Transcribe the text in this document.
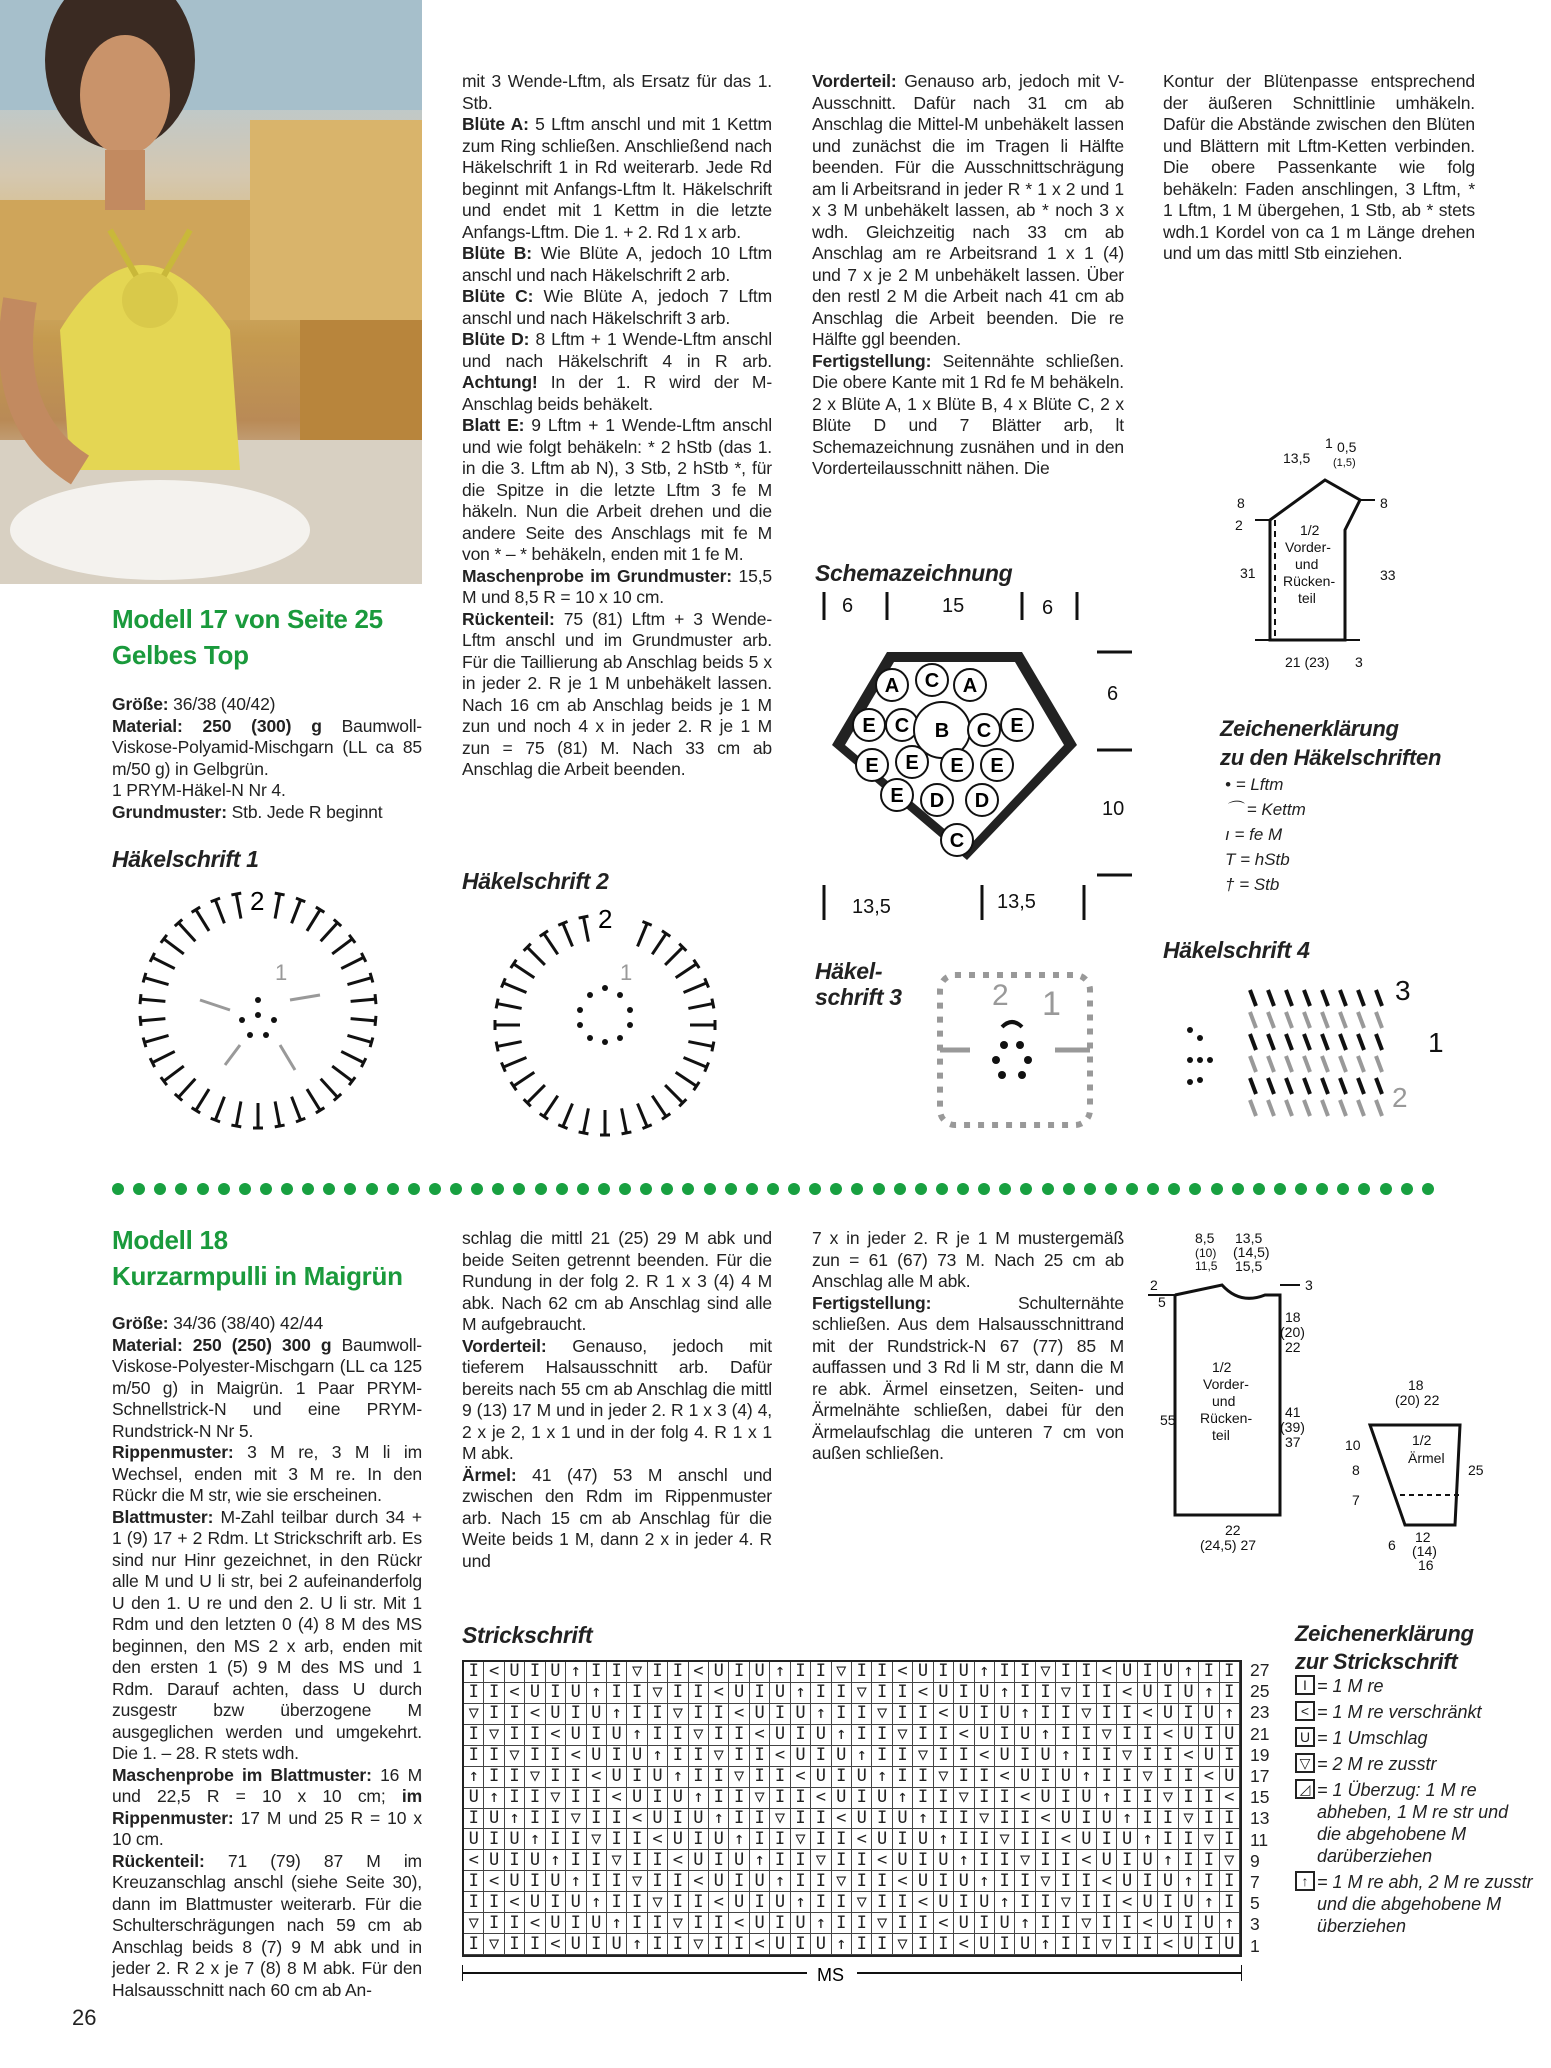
Modell 17 von Seite 25
Gelbes Top
Größe: 36/38 (40/42)
Material: 250 (300) g Baumwoll-Viskose-Polyamid-Mischgarn (LL ca 85 m/50 g) in Gelbgrün.
1 PRYM-Häkel-N Nr 4.
Grundmuster: Stb. Jede R beginnt
mit 3 Wende-Lftm, als Ersatz für das 1. Stb.
Blüte A: 5 Lftm anschl und mit 1 Kettm zum Ring schließen. Anschließend nach Häkelschrift 1 in Rd weiterarb. Jede Rd beginnt mit Anfangs-Lftm lt. Häkelschrift und endet mit 1 Kettm in die letzte Anfangs-Lftm. Die 1. + 2. Rd 1 x arb.
Blüte B: Wie Blüte A, jedoch 10 Lftm anschl und nach Häkelschrift 2 arb.
Blüte C: Wie Blüte A, jedoch 7 Lftm anschl und nach Häkelschrift 3 arb.
Blüte D: 8 Lftm + 1 Wende-Lftm anschl und nach Häkelschrift 4 in R arb. Achtung! In der 1. R wird der M-Anschlag beids behäkelt.
Blatt E: 9 Lftm + 1 Wende-Lftm anschl und wie folgt behäkeln: * 2 hStb (das 1. in die 3. Lftm ab N), 3 Stb, 2 hStb *, für die Spitze in die letzte Lftm 3 fe M häkeln. Nun die Arbeit drehen und die andere Seite des Anschlags mit fe M von * – * behäkeln, enden mit 1 fe M.
Maschenprobe im Grundmuster: 15,5 M und 8,5 R = 10 x 10 cm.
Rückenteil: 75 (81) Lftm + 3 Wende-Lftm anschl und im Grundmuster arb. Für die Taillierung ab Anschlag beids 5 x in jeder 2. R je 1 M unbehäkelt lassen. Nach 16 cm ab Anschlag beids je 1 M zun und noch 4 x in jeder 2. R je 1 M zun = 75 (81) M. Nach 33 cm ab Anschlag die Arbeit beenden.
Vorderteil: Genauso arb, jedoch mit V-Ausschnitt. Dafür nach 31 cm ab Anschlag die Mittel-M unbehäkelt lassen und zunächst die im Tragen li Hälfte beenden. Für die Ausschnittschrägung am li Arbeitsrand in jeder R * 1 x 2 und 1 x 3 M unbehäkelt lassen, ab * noch 3 x wdh. Gleichzeitig nach 33 cm ab Anschlag am re Arbeitsrand 1 x 1 (4) und 7 x je 2 M unbehäkelt lassen. Über den restl 2 M die Arbeit nach 41 cm ab Anschlag die Arbeit beenden. Die re Hälfte ggl beenden.
Fertigstellung: Seitennähte schließen. Die obere Kante mit 1 Rd fe M behäkeln. 2 x Blüte A, 1 x Blüte B, 4 x Blüte C, 2 x Blüte D und 7 Blätter arb, lt Schemazeichnung zusnähen und in den Vorderteilausschnitt nähen. Die
Kontur der Blütenpasse entsprechend der äußeren Schnittlinie umhäkeln. Dafür die Abstände zwischen den Blüten und Blättern mit Lftm-Ketten verbinden. Die obere Passenkante wie folg behäkeln: Faden anschlingen, 3 Lftm, * 1 Lftm, 1 M übergehen, 1 Stb, ab * stets wdh.1 Kordel von ca 1 m Länge drehen und um das mittl Stb einziehen.
Häkelschrift 1
2
1
Häkelschrift 2
2
1
Schemazeichnung
6	15	6
6
10
13,5	13,5
A C A
E C B C E
E E E E
E	D
D
C
Häkel-
schrift 3	1
2
1
13,5
0,5
(1,5)
8	8
2
31	33
21 (23) 3
1/2
Vorder-
und
Rücken-
teil
Zeichenerklärung
zu den Häkelschriften
• = Lftm
⌒ = Kettm
ı = fe M
T = hStb
† = Stb
Häkelschrift 4
3
1
2
Modell 18
Kurzarmpulli in Maigrün
Größe: 34/36 (38/40) 42/44
Material: 250 (250) 300 g Baumwoll-Viskose-Polyester-Mischgarn (LL ca 125 m/50 g) in Maigrün. 1 Paar PRYM-Schnellstrick-N und eine PRYM-Rundstrick-N Nr 5.
Rippenmuster: 3 M re, 3 M li im Wechsel, enden mit 3 M re. In den Rückr die M str, wie sie erscheinen.
Blattmuster: M-Zahl teilbar durch 34 + 1 (9) 17 + 2 Rdm. Lt Strickschrift arb. Es sind nur Hinr gezeichnet, in den Rückr alle M und U li str, bei 2 aufeinanderfolg U den 1. U re und den 2. U li str. Mit 1 Rdm und den letzten 0 (4) 8 M des MS beginnen, den MS 2 x arb, enden mit den ersten 1 (5) 9 M des MS und 1 Rdm. Darauf achten, dass U durch zusgestr bzw überzogene M ausgeglichen werden und umgekehrt. Die 1. – 28. R stets wdh.
Maschenprobe im Blattmuster: 16 M und 22,5 R = 10 x 10 cm; im Rippenmuster: 17 M und 25 R = 10 x 10 cm.
Rückenteil: 71 (79) 87 M im Kreuzanschlag anschl (siehe Seite 30), dann im Blattmuster weiterarb. Für die Schulterschrägungen nach 59 cm ab Anschlag beids 8 (7) 9 M abk und in jeder 2. R 2 x je 7 (8) 8 M abk. Für den Halsausschnitt nach 60 cm ab An-
schlag die mittl 21 (25) 29 M abk und beide Seiten getrennt beenden. Für die Rundung in der folg 2. R 1 x 3 (4) 4 M abk. Nach 62 cm ab Anschlag sind alle M aufgebraucht.
Vorderteil: Genauso, jedoch mit tieferem Halsausschnitt arb. Dafür bereits nach 55 cm ab Anschlag die mittl 9 (13) 17 M und in jeder 2. R 1 x 3 (4) 4, 2 x je 2, 1 x 1 und in der folg 4. R 1 x 1 M abk.
Ärmel: 41 (47) 53 M anschl und zwischen den Rdm im Rippenmuster arb. Nach 15 cm ab Anschlag für die Weite beids 1 M, dann 2 x in jeder 4. R und
7 x in jeder 2. R je 1 M mustergemäß zun = 61 (67) 73 M. Nach 25 cm ab Anschlag alle M abk.
Fertigstellung: Schulternähte schließen. Aus dem Halsausschnittrand mit der Rundstrick-N 67 (77) 85 M auffassen und 3 Rd li M str, dann die M re abk. Ärmel einsetzen, Seiten- und Ärmelnähte schließen, dabei für den Ärmelaufschlag die unteren 7 cm von außen schließen.
8,5
(10)
11,5
13,5
(14,5)
15,5
2
5
3
18
(20)
22
55	41
(39)
37
22
(24,5) 27
1/2
Vorder-
und
Rücken-
teil
18
(20) 22
10
8
7
25
6 12
(14)
16
1/2
Ärmel
Strickschrift
I < U I U ↑ I I ▽ I I < U I U ↑ I I ▽ I I < U I U ↑ I I ▽ I I < U I U ↑ I I
I I < U I U ↑ I I ▽ I I < U I U ↑ I I ▽ I I < U I U ↑ I I ▽ I I < U I U ↑ I
▽ I I < U I U ↑ I I ▽ I I < U I U ↑ I I ▽ I I < U I U ↑ I I ▽ I I < U I U ↑
I ▽ I I < U I U ↑ I I ▽ I I < U I U ↑ I I ▽ I I < U I U ↑ I I ▽ I I < U I U
I I ▽ I I < U I U ↑ I I ▽ I I < U I U ↑ I I ▽ I I < U I U ↑ I I ▽ I I < U I
↑ I I ▽ I I < U I U ↑ I I ▽ I I < U I U ↑ I I ▽ I I < U I U ↑ I I ▽ I I < U
U ↑ I I ▽ I I < U I U ↑ I I ▽ I I < U I U ↑ I I ▽ I I < U I U ↑ I I ▽ I I <
I U ↑ I I ▽ I I < U I U ↑ I I ▽ I I < U I U ↑ I I ▽ I I < U I U ↑ I I ▽ I I
U I U ↑ I I ▽ I I < U I U ↑ I I ▽ I I < U I U ↑ I I ▽ I I < U I U ↑ I I ▽ I
< U I U ↑ I I ▽ I I < U I U ↑ I I ▽ I I < U I U ↑ I I ▽ I I < U I U ↑ I I ▽
I < U I U ↑ I I ▽ I I < U I U ↑ I I ▽ I I < U I U ↑ I I ▽ I I < U I U ↑ I I
I I < U I U ↑ I I ▽ I I < U I U ↑ I I ▽ I I < U I U ↑ I I ▽ I I < U I U ↑ I
▽ I I < U I U ↑ I I ▽ I I < U I U ↑ I I ▽ I I < U I U ↑ I I ▽ I I < U I U ↑
I ▽ I I < U I U ↑ I I ▽ I I < U I U ↑ I I ▽ I I < U I U ↑ I I ▽ I I < U I U
27
25
23
21
19
17
15
13
11
9
7
5
3
1
MS
Zeichenerklärung
zur Strickschrift
I = 1 M re
< = 1 M re verschränkt
U = 1 Umschlag
▽ = 2 M re zusstr
◿ = 1 Überzug: 1 M re abheben, 1 M re str und die abgehobene M darüberziehen
↑ = 1 M re abh, 2 M re zusstr und die abgehobene M überziehen
26
